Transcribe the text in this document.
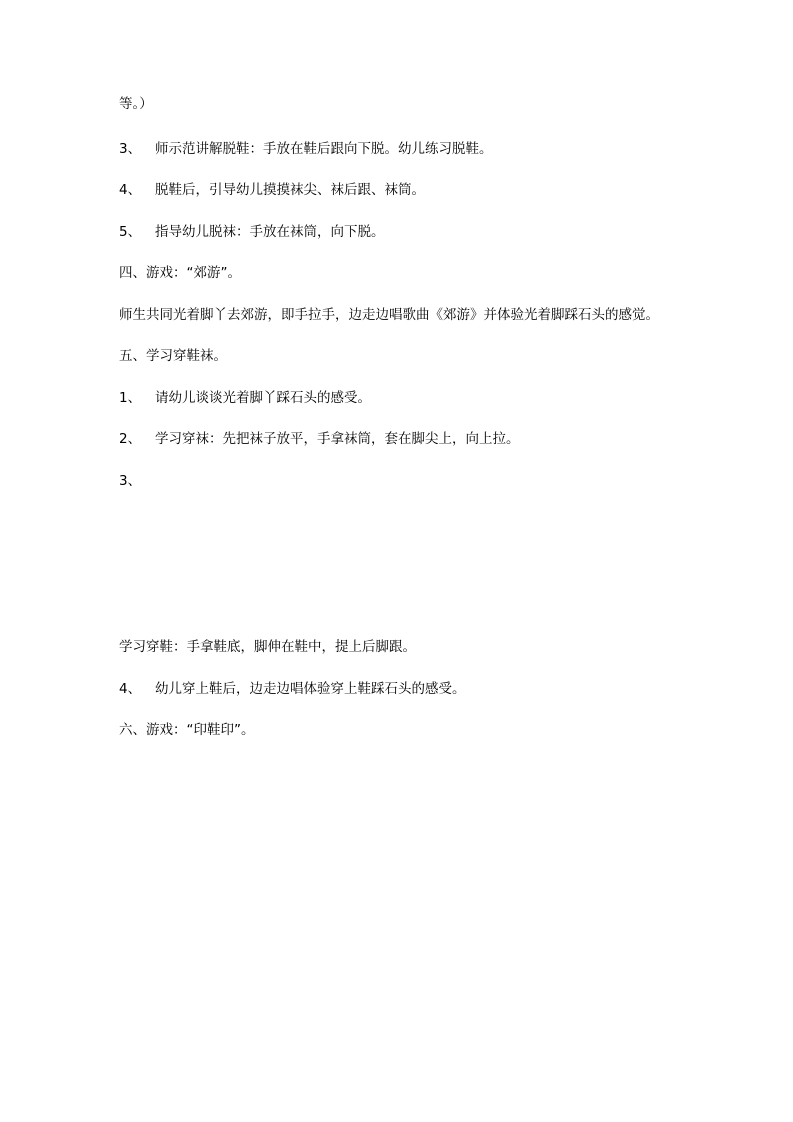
等。）
3、 师示范讲解脱鞋：手放在鞋后跟向下脱。幼儿练习脱鞋。
4、 脱鞋后，引导幼儿摸摸袜尖、袜后跟、袜筒。
5、 指导幼儿脱袜：手放在袜筒，向下脱。
四、游戏：“郊游”。
师生共同光着脚丫去郊游，即手拉手，边走边唱歌曲《郊游》并体验光着脚踩石头的感觉。
五、学习穿鞋袜。
1、 请幼儿谈谈光着脚丫踩石头的感受。
2、 学习穿袜：先把袜子放平，手拿袜筒，套在脚尖上，向上拉。
3、
学习穿鞋：手拿鞋底，脚伸在鞋中，提上后脚跟。
4、 幼儿穿上鞋后，边走边唱体验穿上鞋踩石头的感受。
六、游戏：“印鞋印”。
